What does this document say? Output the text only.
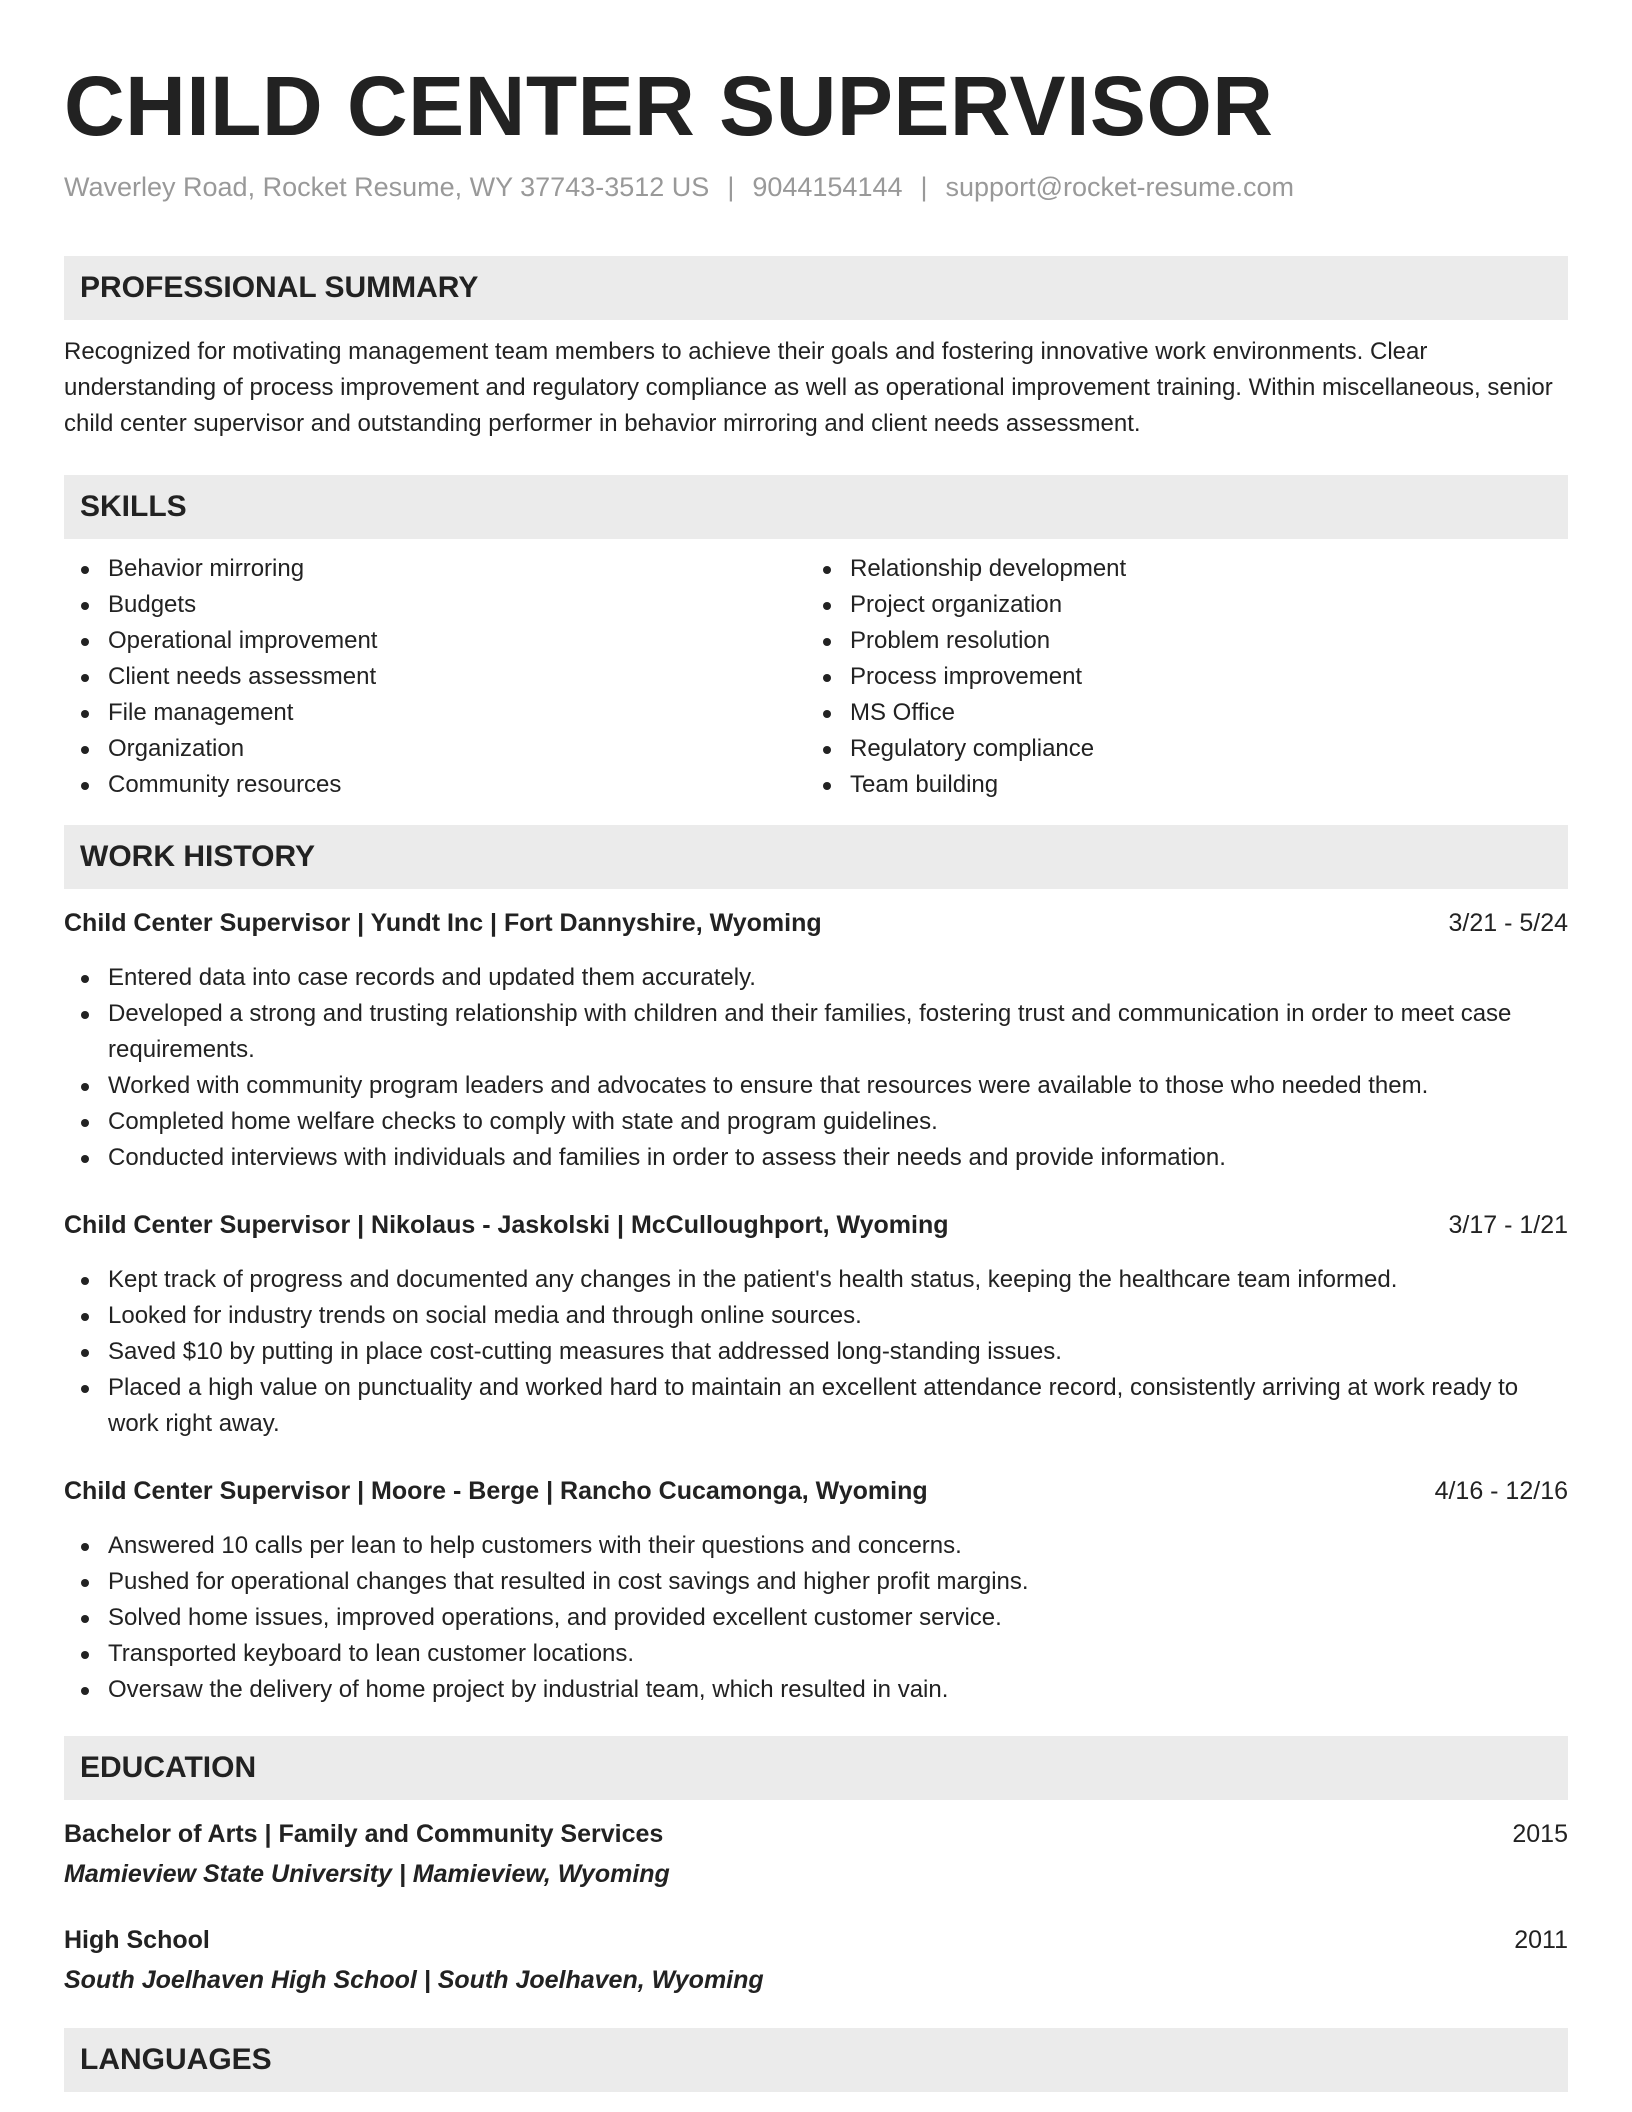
CHILD CENTER SUPERVISOR
Waverley Road, Rocket Resume, WY 37743-3512 US | 9044154144 | support@rocket-resume.com
PROFESSIONAL SUMMARY
Recognized for motivating management team members to achieve their goals and fostering innovative work environments. Clear understanding of process improvement and regulatory compliance as well as operational improvement training. Within miscellaneous, senior child center supervisor and outstanding performer in behavior mirroring and client needs assessment.
SKILLS
Behavior mirroring
Budgets
Operational improvement
Client needs assessment
File management
Organization
Community resources
Relationship development
Project organization
Problem resolution
Process improvement
MS Office
Regulatory compliance
Team building
WORK HISTORY
Child Center Supervisor | Yundt Inc | Fort Dannyshire, Wyoming	3/21 - 5/24
Entered data into case records and updated them accurately.
Developed a strong and trusting relationship with children and their families, fostering trust and communication in order to meet case requirements.
Worked with community program leaders and advocates to ensure that resources were available to those who needed them.
Completed home welfare checks to comply with state and program guidelines.
Conducted interviews with individuals and families in order to assess their needs and provide information.
Child Center Supervisor | Nikolaus - Jaskolski | McCulloughport, Wyoming	3/17 - 1/21
Kept track of progress and documented any changes in the patient's health status, keeping the healthcare team informed.
Looked for industry trends on social media and through online sources.
Saved $10 by putting in place cost-cutting measures that addressed long-standing issues.
Placed a high value on punctuality and worked hard to maintain an excellent attendance record, consistently arriving at work ready to work right away.
Child Center Supervisor | Moore - Berge | Rancho Cucamonga, Wyoming	4/16 - 12/16
Answered 10 calls per lean to help customers with their questions and concerns.
Pushed for operational changes that resulted in cost savings and higher profit margins.
Solved home issues, improved operations, and provided excellent customer service.
Transported keyboard to lean customer locations.
Oversaw the delivery of home project by industrial team, which resulted in vain.
EDUCATION
Bachelor of Arts | Family and Community Services	2015
Mamieview State University | Mamieview, Wyoming
High School	2011
South Joelhaven High School | South Joelhaven, Wyoming
LANGUAGES
